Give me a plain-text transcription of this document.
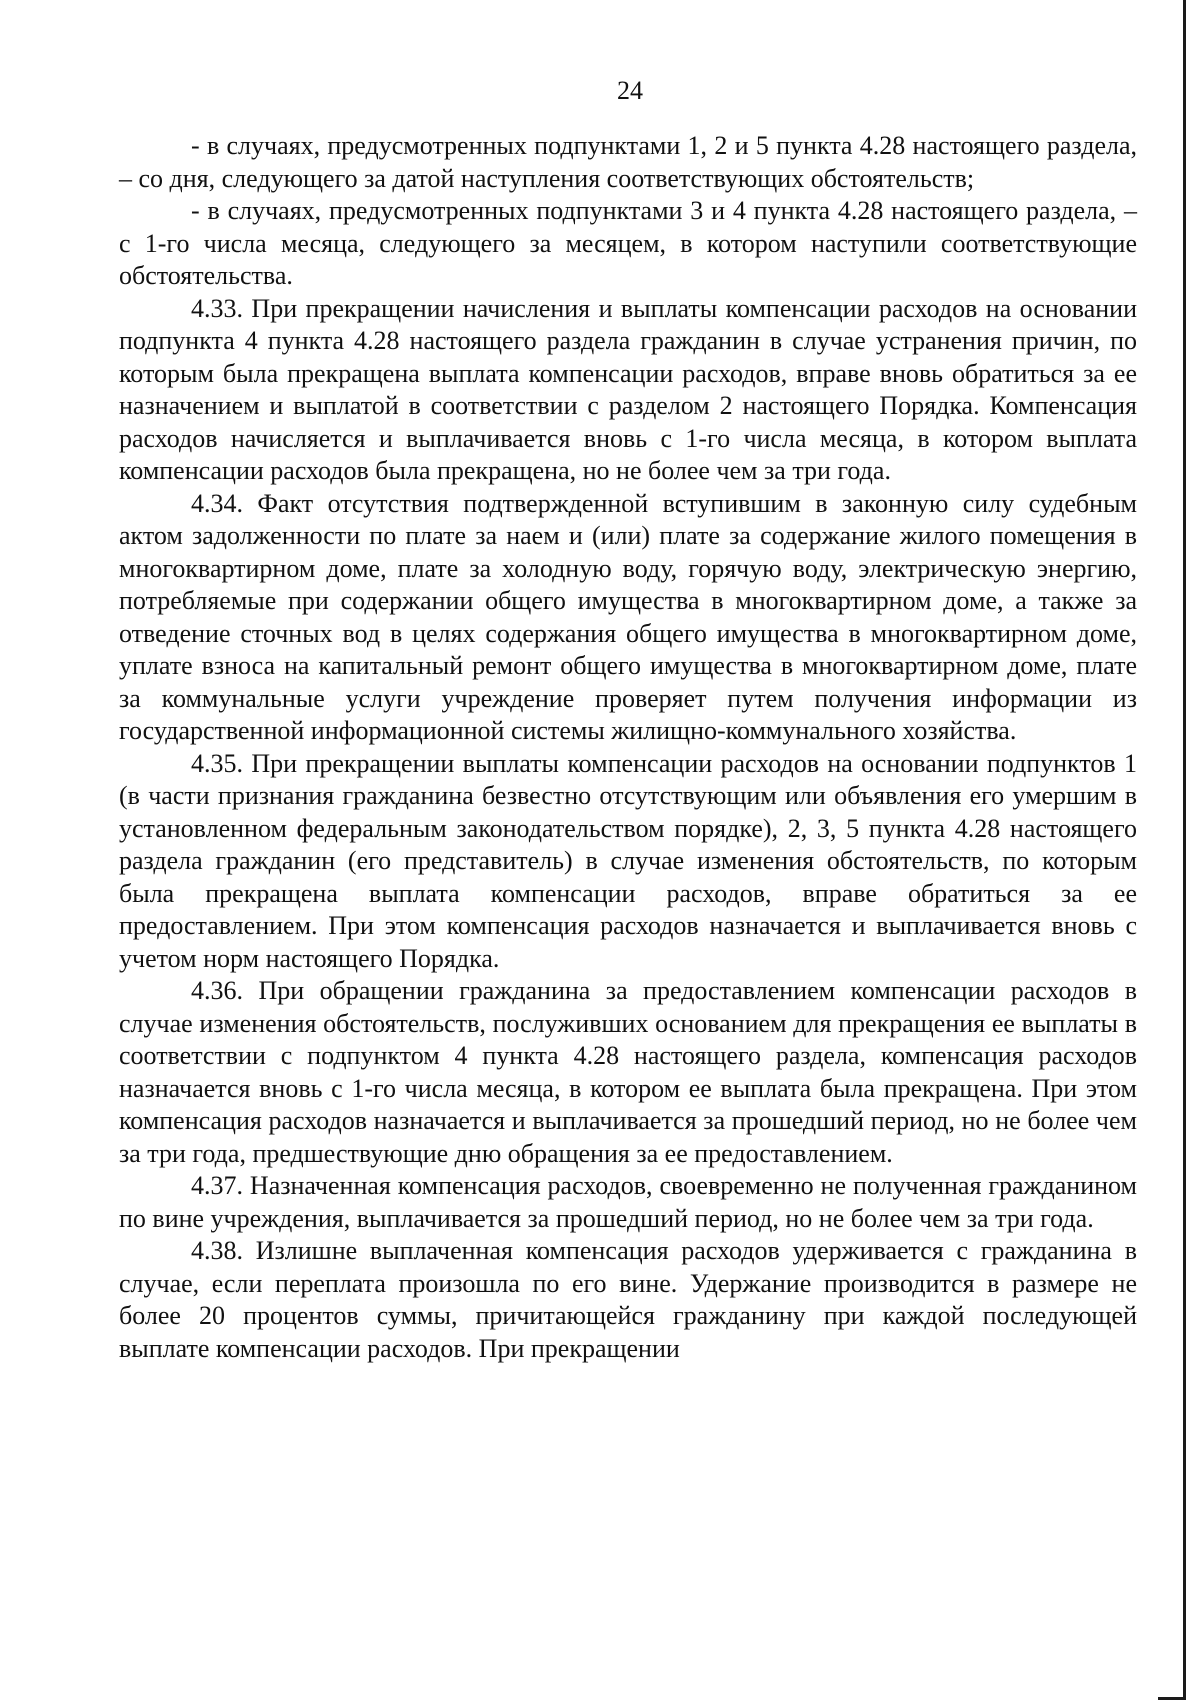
24

- в случаях, предусмотренных подпунктами 1, 2 и 5 пункта 4.28 настоящего раздела, – со дня, следующего за датой наступления соответствующих обстоятельств;

- в случаях, предусмотренных подпунктами 3 и 4 пункта 4.28 настоящего раздела, – с 1-го числа месяца, следующего за месяцем, в котором наступили соответствующие обстоятельства.

4.33. При прекращении начисления и выплаты компенсации расходов на основании подпункта 4 пункта 4.28 настоящего раздела гражданин в случае устранения причин, по которым была прекращена выплата компенсации расходов, вправе вновь обратиться за ее назначением и выплатой в соответствии с разделом 2 настоящего Порядка. Компенсация расходов начисляется и выплачивается вновь с 1-го числа месяца, в котором выплата компенсации расходов была прекращена, но не более чем за три года.

4.34. Факт отсутствия подтвержденной вступившим в законную силу судебным актом задолженности по плате за наем и (или) плате за содержание жилого помещения в многоквартирном доме, плате за холодную воду, горячую воду, электрическую энергию, потребляемые при содержании общего имущества в многоквартирном доме, а также за отведение сточных вод в целях содержания общего имущества в многоквартирном доме, уплате взноса на капитальный ремонт общего имущества в многоквартирном доме, плате за коммунальные услуги учреждение проверяет путем получения информации из государственной информационной системы жилищно-коммунального хозяйства.

4.35. При прекращении выплаты компенсации расходов на основании подпунктов 1 (в части признания гражданина безвестно отсутствующим или объявления его умершим в установленном федеральным законодательством порядке), 2, 3, 5 пункта 4.28 настоящего раздела гражданин (его представитель) в случае изменения обстоятельств, по которым была прекращена выплата компенсации расходов, вправе обратиться за ее предоставлением. При этом компенсация расходов назначается и выплачивается вновь с учетом норм настоящего Порядка.

4.36. При обращении гражданина за предоставлением компенсации расходов в случае изменения обстоятельств, послуживших основанием для прекращения ее выплаты в соответствии с подпунктом 4 пункта 4.28 настоящего раздела, компенсация расходов назначается вновь с 1-го числа месяца, в котором ее выплата была прекращена. При этом компенсация расходов назначается и выплачивается за прошедший период, но не более чем за три года, предшествующие дню обращения за ее предоставлением.

4.37. Назначенная компенсация расходов, своевременно не полученная гражданином по вине учреждения, выплачивается за прошедший период, но не более чем за три года.

4.38. Излишне выплаченная компенсация расходов удерживается с гражданина в случае, если переплата произошла по его вине. Удержание производится в размере не более 20 процентов суммы, причитающейся гражданину при каждой последующей выплате компенсации расходов. При прекращении
